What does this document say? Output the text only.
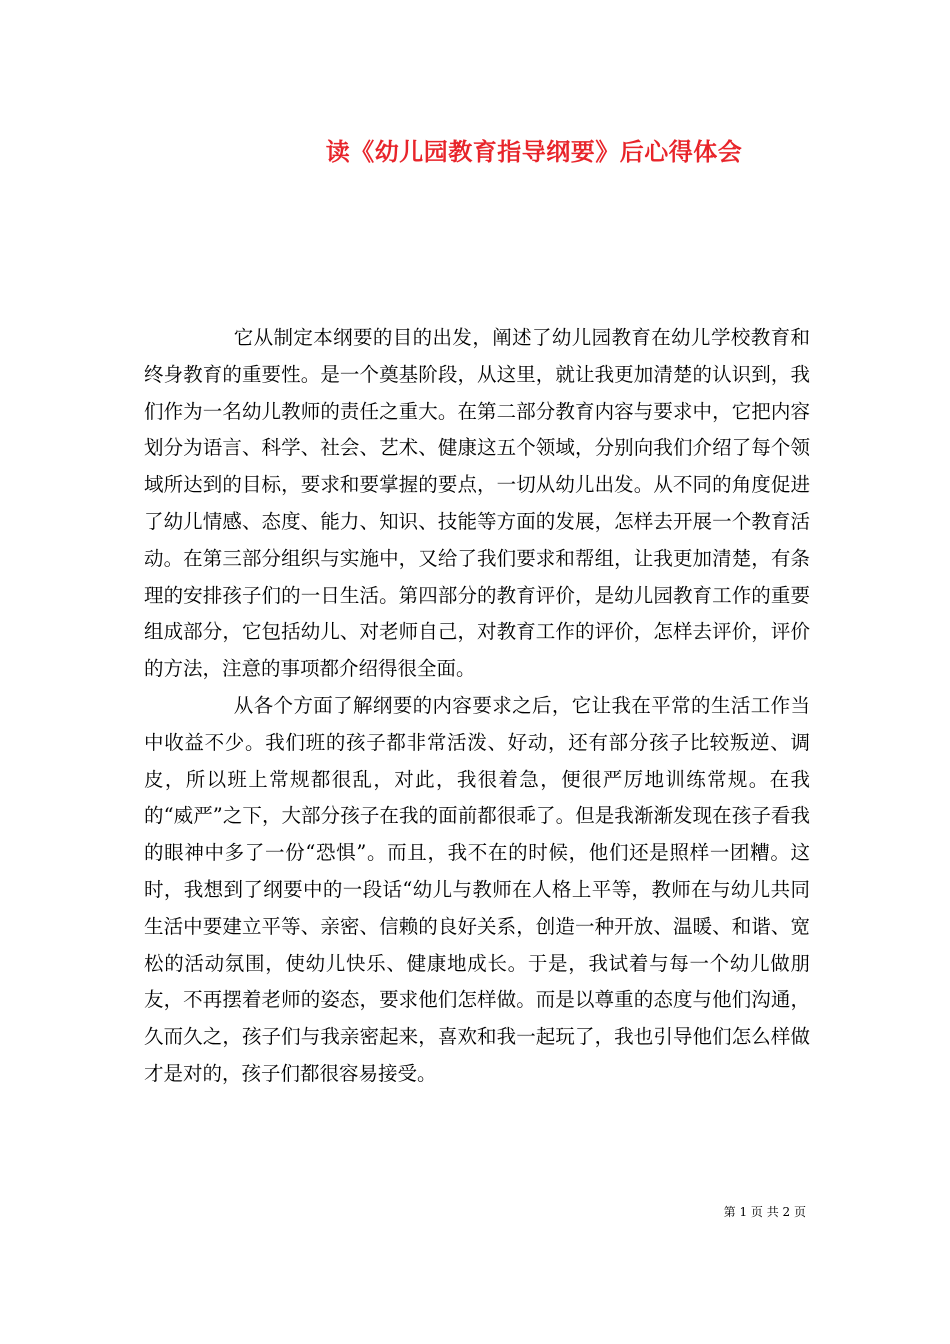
读《幼儿园教育指导纲要》后心得体会

它从制定本纲要的目的出发，阐述了幼儿园教育在幼儿学校教育和终身教育的重要性。是一个奠基阶段，从这里，就让我更加清楚的认识到，我们作为一名幼儿教师的责任之重大。在第二部分教育内容与要求中，它把内容划分为语言、科学、社会、艺术、健康这五个领域，分别向我们介绍了每个领域所达到的目标，要求和要掌握的要点，一切从幼儿出发。从不同的角度促进了幼儿情感、态度、能力、知识、技能等方面的发展，怎样去开展一个教育活动。在第三部分组织与实施中，又给了我们要求和帮组，让我更加清楚，有条理的安排孩子们的一日生活。第四部分的教育评价，是幼儿园教育工作的重要组成部分，它包括幼儿、对老师自己，对教育工作的评价，怎样去评价，评价的方法，注意的事项都介绍得很全面。

从各个方面了解纲要的内容要求之后，它让我在平常的生活工作当中收益不少。我们班的孩子都非常活泼、好动，还有部分孩子比较叛逆、调皮，所以班上常规都很乱，对此，我很着急，便很严厉地训练常规。在我的“威严”之下，大部分孩子在我的面前都很乖了。但是我渐渐发现在孩子看我的眼神中多了一份“恐惧”。而且，我不在的时候，他们还是照样一团糟。这时，我想到了纲要中的一段话“幼儿与教师在人格上平等，教师在与幼儿共同生活中要建立平等、亲密、信赖的良好关系，创造一种开放、温暖、和谐、宽松的活动氛围，使幼儿快乐、健康地成长。于是，我试着与每一个幼儿做朋友，不再摆着老师的姿态，要求他们怎样做。而是以尊重的态度与他们沟通，久而久之，孩子们与我亲密起来，喜欢和我一起玩了，我也引导他们怎么样做才是对的，孩子们都很容易接受。

第 1 页 共 2 页
